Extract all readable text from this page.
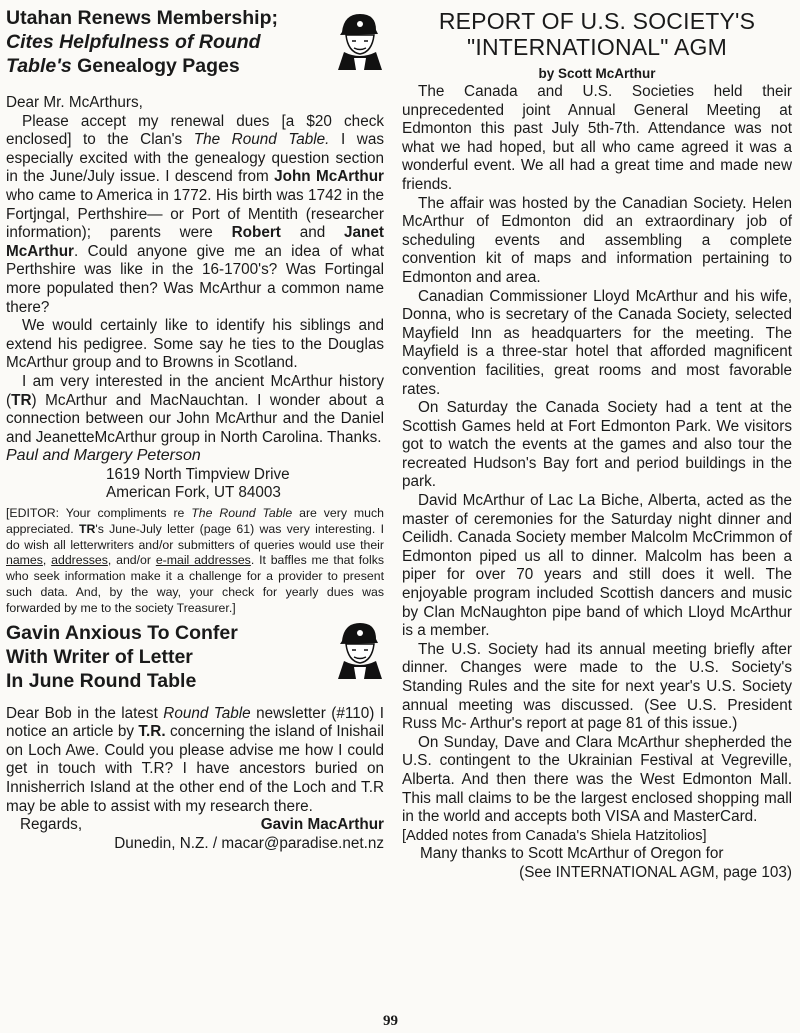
Utahan Renews Membership;
Cites Helpfulness of Round
Table's Genealogy Pages

Dear Mr. McArthurs,

Please accept my renewal dues [a $20 check enclosed] to the Clan's The Round Table. I was especially excited with the genealogy question section in the June/July issue. I descend from John McArthur who came to America in 1772. His birth was 1742 in the Fortjngal, Perthshire— or Port of Mentith (researcher information); parents were Robert and Janet McArthur. Could anyone give me an idea of what Perthshire was like in the 16-1700's? Was Fortingal more populated then? Was McArthur a common name there?

We would certainly like to identify his siblings and extend his pedigree. Some say he ties to the Douglas McArthur group and to Browns in Scotland.

I am very interested in the ancient McArthur history (TR) McArthur and MacNauchtan. I wonder about a connection between our John McArthur and the Daniel and JeanetteMcArthur group in North Carolina. Thanks.

Paul and Margery Peterson

1619 North Timpview Drive

American Fork, UT 84003

[EDITOR: Your compliments re The Round Table are very much appreciated. TR's June-July letter (page 61) was very interesting. I do wish all letterwriters and/or submitters of queries would use their names, addresses, and/or e-mail addresses. It baffles me that folks who seek information make it a challenge for a provider to present such data. And, by the way, your check for yearly dues was forwarded by me to the society Treasurer.]

Gavin Anxious To Confer
With Writer of Letter
In June Round Table

Dear Bob in the latest Round Table newsletter (#110) I notice an article by T.R. concerning the island of Inishail on Loch Awe. Could you please advise me how I could get in touch with T.R? I have ancestors buried on Innisherrich Island at the other end of the Loch and T.R may be able to assist with my research there.

Regards,	Gavin MacArthur

Dunedin, N.Z. / macar@paradise.net.nz

REPORT OF U.S. SOCIETY'S
"INTERNATIONAL" AGM

by Scott McArthur

The Canada and U.S. Societies held their unprecedented joint Annual General Meeting at Edmonton this past July 5th-7th. Attendance was not what we had hoped, but all who came agreed it was a wonderful event. We all had a great time and made new friends.

The affair was hosted by the Canadian Society. Helen McArthur of Edmonton did an extraordinary job of scheduling events and assembling a complete convention kit of maps and information pertaining to Edmonton and area.

Canadian Commissioner Lloyd McArthur and his wife, Donna, who is secretary of the Canada Society, selected Mayfield Inn as headquarters for the meeting. The Mayfield is a three-star hotel that afforded magnificent convention facilities, great rooms and most favorable rates.

On Saturday the Canada Society had a tent at the Scottish Games held at Fort Edmonton Park. We visitors got to watch the events at the games and also tour the recreated Hudson's Bay fort and period buildings in the park.

David McArthur of Lac La Biche, Alberta, acted as the master of ceremonies for the Saturday night dinner and Ceilidh. Canada Society member Malcolm McCrimmon of Edmonton piped us all to dinner. Malcolm has been a piper for over 70 years and still does it well. The enjoyable program included Scottish dancers and music by Clan McNaughton pipe band of which Lloyd McArthur is a member.

The U.S. Society had its annual meeting briefly after dinner. Changes were made to the U.S. Society's Standing Rules and the site for next year's U.S. Society annual meeting was discussed. (See U.S. President Russ Mc- Arthur's report at page 81 of this issue.)

On Sunday, Dave and Clara McArthur shepherded the U.S. contingent to the Ukrainian Festival at Vegreville, Alberta. And then there was the West Edmonton Mall. This mall claims to be the largest enclosed shopping mall in the world and accepts both VISA and MasterCard.

[Added notes from Canada's Shiela Hatzitolios]

Many thanks to Scott McArthur of Oregon for

(See INTERNATIONAL AGM, page 103)

99
